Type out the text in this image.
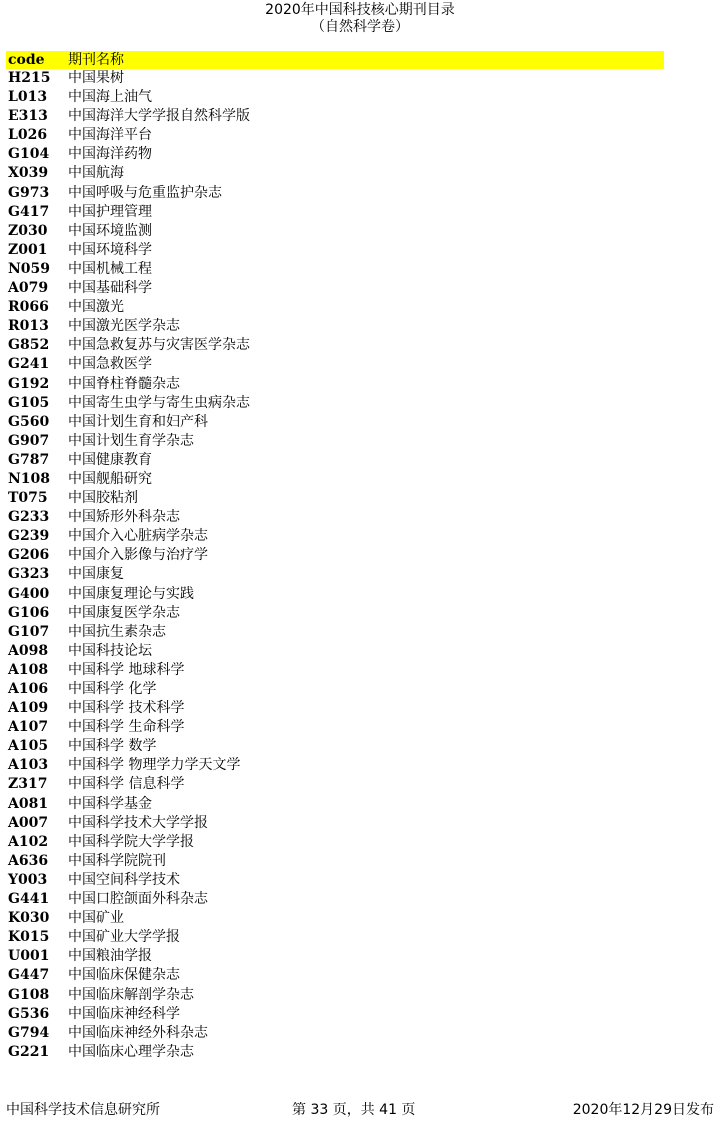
2020年中国科技核心期刊目录
（自然科学卷）
code	期刊名称
H215	中国果树
L013	中国海上油气
E313	中国海洋大学学报自然科学版
L026	中国海洋平台
G104	中国海洋药物
X039	中国航海
G973	中国呼吸与危重监护杂志
G417	中国护理管理
Z030	中国环境监测
Z001	中国环境科学
N059	中国机械工程
A079	中国基础科学
R066	中国激光
R013	中国激光医学杂志
G852	中国急救复苏与灾害医学杂志
G241	中国急救医学
G192	中国脊柱脊髓杂志
G105	中国寄生虫学与寄生虫病杂志
G560	中国计划生育和妇产科
G907	中国计划生育学杂志
G787	中国健康教育
N108	中国舰船研究
T075	中国胶粘剂
G233	中国矫形外科杂志
G239	中国介入心脏病学杂志
G206	中国介入影像与治疗学
G323	中国康复
G400	中国康复理论与实践
G106	中国康复医学杂志
G107	中国抗生素杂志
A098	中国科技论坛
A108	中国科学 地球科学
A106	中国科学 化学
A109	中国科学 技术科学
A107	中国科学 生命科学
A105	中国科学 数学
A103	中国科学 物理学力学天文学
Z317	中国科学 信息科学
A081	中国科学基金
A007	中国科学技术大学学报
A102	中国科学院大学学报
A636	中国科学院院刊
Y003	中国空间科学技术
G441	中国口腔颌面外科杂志
K030	中国矿业
K015	中国矿业大学学报
U001	中国粮油学报
G447	中国临床保健杂志
G108	中国临床解剖学杂志
G536	中国临床神经科学
G794	中国临床神经外科杂志
G221	中国临床心理学杂志
中国科学技术信息研究所	第 33 页，共 41 页	2020年12月29日发布
